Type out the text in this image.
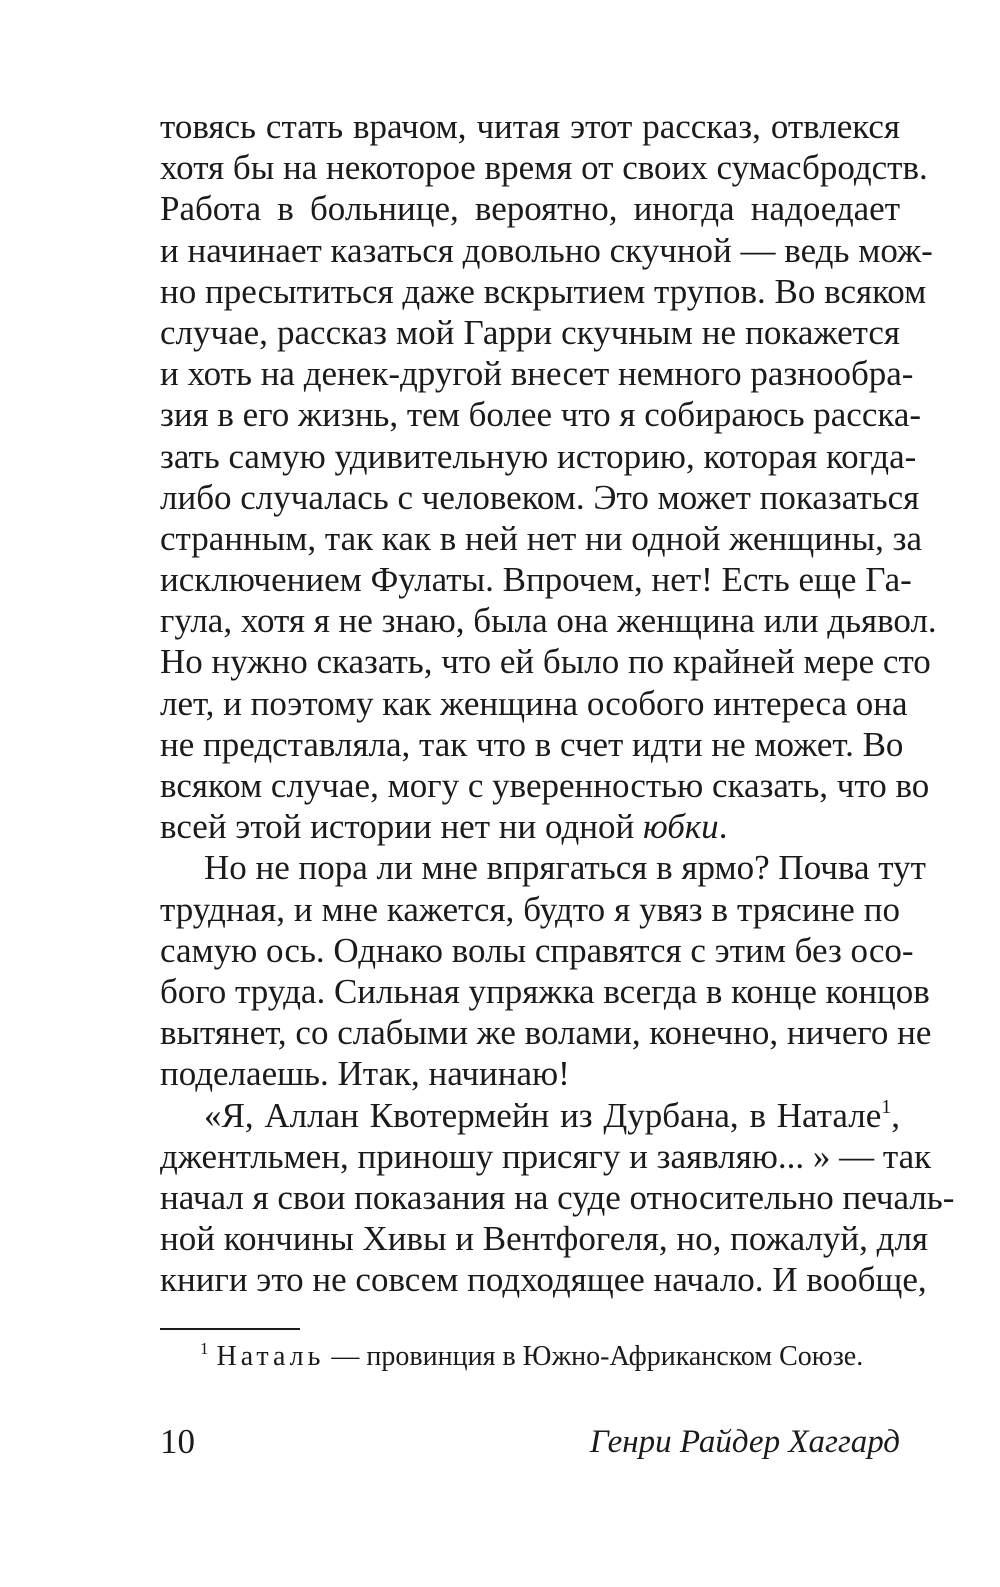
товясь стать врачом, читая этот рассказ, отвлекся
хотя бы на некоторое время от своих сумасбродств.
Работа в больнице, вероятно, иногда надоедает
и начинает казаться довольно скучной — ведь мож-
но пресытиться даже вскрытием трупов. Во всяком
случае, рассказ мой Гарри скучным не покажется
и хоть на денек-другой внесет немного разнообра-
зия в его жизнь, тем более что я собираюсь расска-
зать самую удивительную историю, которая когда-
либо случалась с человеком. Это может показаться
странным, так как в ней нет ни одной женщины, за
исключением Фулаты. Впрочем, нет! Есть еще Га-
гула, хотя я не знаю, была она женщина или дьявол.
Но нужно сказать, что ей было по крайней мере сто
лет, и поэтому как женщина особого интереса она
не представляла, так что в счет идти не может. Во
всяком случае, могу с уверенностью сказать, что во
всей этой истории нет ни одной юбки.
Но не пора ли мне впрягаться в ярмо? Почва тут
трудная, и мне кажется, будто я увяз в трясине по
самую ось. Однако волы справятся с этим без осо-
бого труда. Сильная упряжка всегда в конце концов
вытянет, со слабыми же волами, конечно, ничего не
поделаешь. Итак, начинаю!
«Я, Аллан Квотермейн из Дурбана, в Натале$^1$,
джентльмен, приношу присягу и заявляю... » — так
начал я свои показания на суде относительно печаль-
ной кончины Хивы и Вентфогеля, но, пожалуй, для
книги это не совсем подходящее начало. И вообще,
$^1$ Наталь — провинция в Южно-Африканском Союзе.
10	Генри Райдер Хаггард
